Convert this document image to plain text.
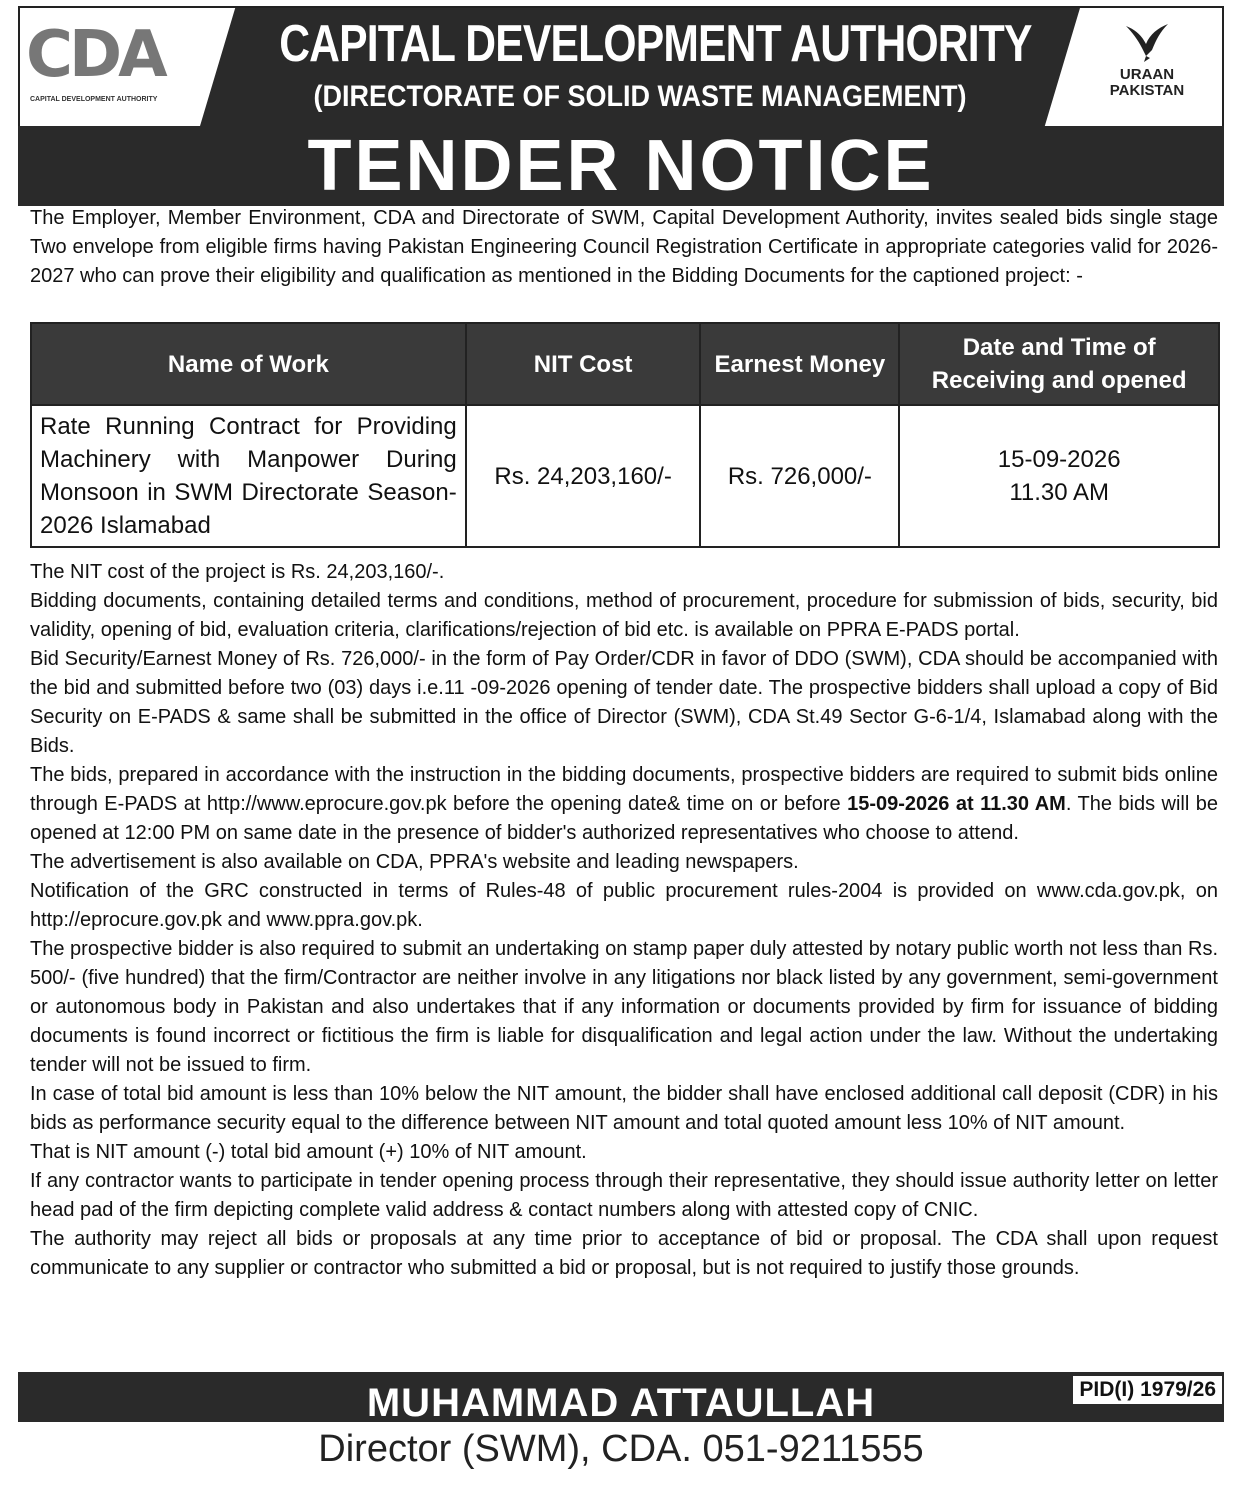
CDA
CAPITAL DEVELOPMENT AUTHORITY
CAPITAL DEVELOPMENT AUTHORITY
(DIRECTORATE OF SOLID WASTE MANAGEMENT)
URAAN
PAKISTAN
TENDER NOTICE

The Employer, Member Environment, CDA and Directorate of SWM, Capital Development Authority, invites sealed bids single stage Two envelope from eligible firms having Pakistan Engineering Council Registration Certificate in appropriate categories valid for 2026-2027 who can prove their eligibility and qualification as mentioned in the Bidding Documents for the captioned project: -

Name of Work	NIT Cost	Earnest Money	Date and Time of Receiving and opened
Rate Running Contract for Providing Machinery with Manpower During Monsoon in SWM Directorate Season-2026 Islamabad	Rs. 24,203,160/-	Rs. 726,000/-	15-09-2026
11.30 AM

The NIT cost of the project is Rs. 24,203,160/-.

Bidding documents, containing detailed terms and conditions, method of procurement, procedure for submission of bids, security, bid validity, opening of bid, evaluation criteria, clarifications/rejection of bid etc. is available on PPRA E-PADS portal.

Bid Security/Earnest Money of Rs. 726,000/- in the form of Pay Order/CDR in favor of DDO (SWM), CDA should be accompanied with the bid and submitted before two (03) days i.e.11 -09-2026 opening of tender date. The prospective bidders shall upload a copy of Bid Security on E-PADS & same shall be submitted in the office of Director (SWM), CDA St.49 Sector G-6-1/4, Islamabad along with the Bids.

The bids, prepared in accordance with the instruction in the bidding documents, prospective bidders are required to submit bids online through E-PADS at http://www.eprocure.gov.pk before the opening date& time on or before 15-09-2026 at 11.30 AM. The bids will be opened at 12:00 PM on same date in the presence of bidder's authorized representatives who choose to attend.

The advertisement is also available on CDA, PPRA's website and leading newspapers.

Notification of the GRC constructed in terms of Rules-48 of public procurement rules-2004 is provided on www.cda.gov.pk, on http://eprocure.gov.pk and www.ppra.gov.pk.

The prospective bidder is also required to submit an undertaking on stamp paper duly attested by notary public worth not less than Rs. 500/- (five hundred) that the firm/Contractor are neither involve in any litigations nor black listed by any government, semi-government or autonomous body in Pakistan and also undertakes that if any information or documents provided by firm for issuance of bidding documents is found incorrect or fictitious the firm is liable for disqualification and legal action under the law. Without the undertaking tender will not be issued to firm.

In case of total bid amount is less than 10% below the NIT amount, the bidder shall have enclosed additional call deposit (CDR) in his bids as performance security equal to the difference between NIT amount and total quoted amount less 10% of NIT amount.

That is NIT amount (-) total bid amount (+) 10% of NIT amount.

If any contractor wants to participate in tender opening process through their representative, they should issue authority letter on letter head pad of the firm depicting complete valid address & contact numbers along with attested copy of CNIC.

The authority may reject all bids or proposals at any time prior to acceptance of bid or proposal. The CDA shall upon request communicate to any supplier or contractor who submitted a bid or proposal, but is not required to justify those grounds.

MUHAMMAD ATTAULLAH	PID(I) 1979/26
Director (SWM), CDA. 051-9211555
